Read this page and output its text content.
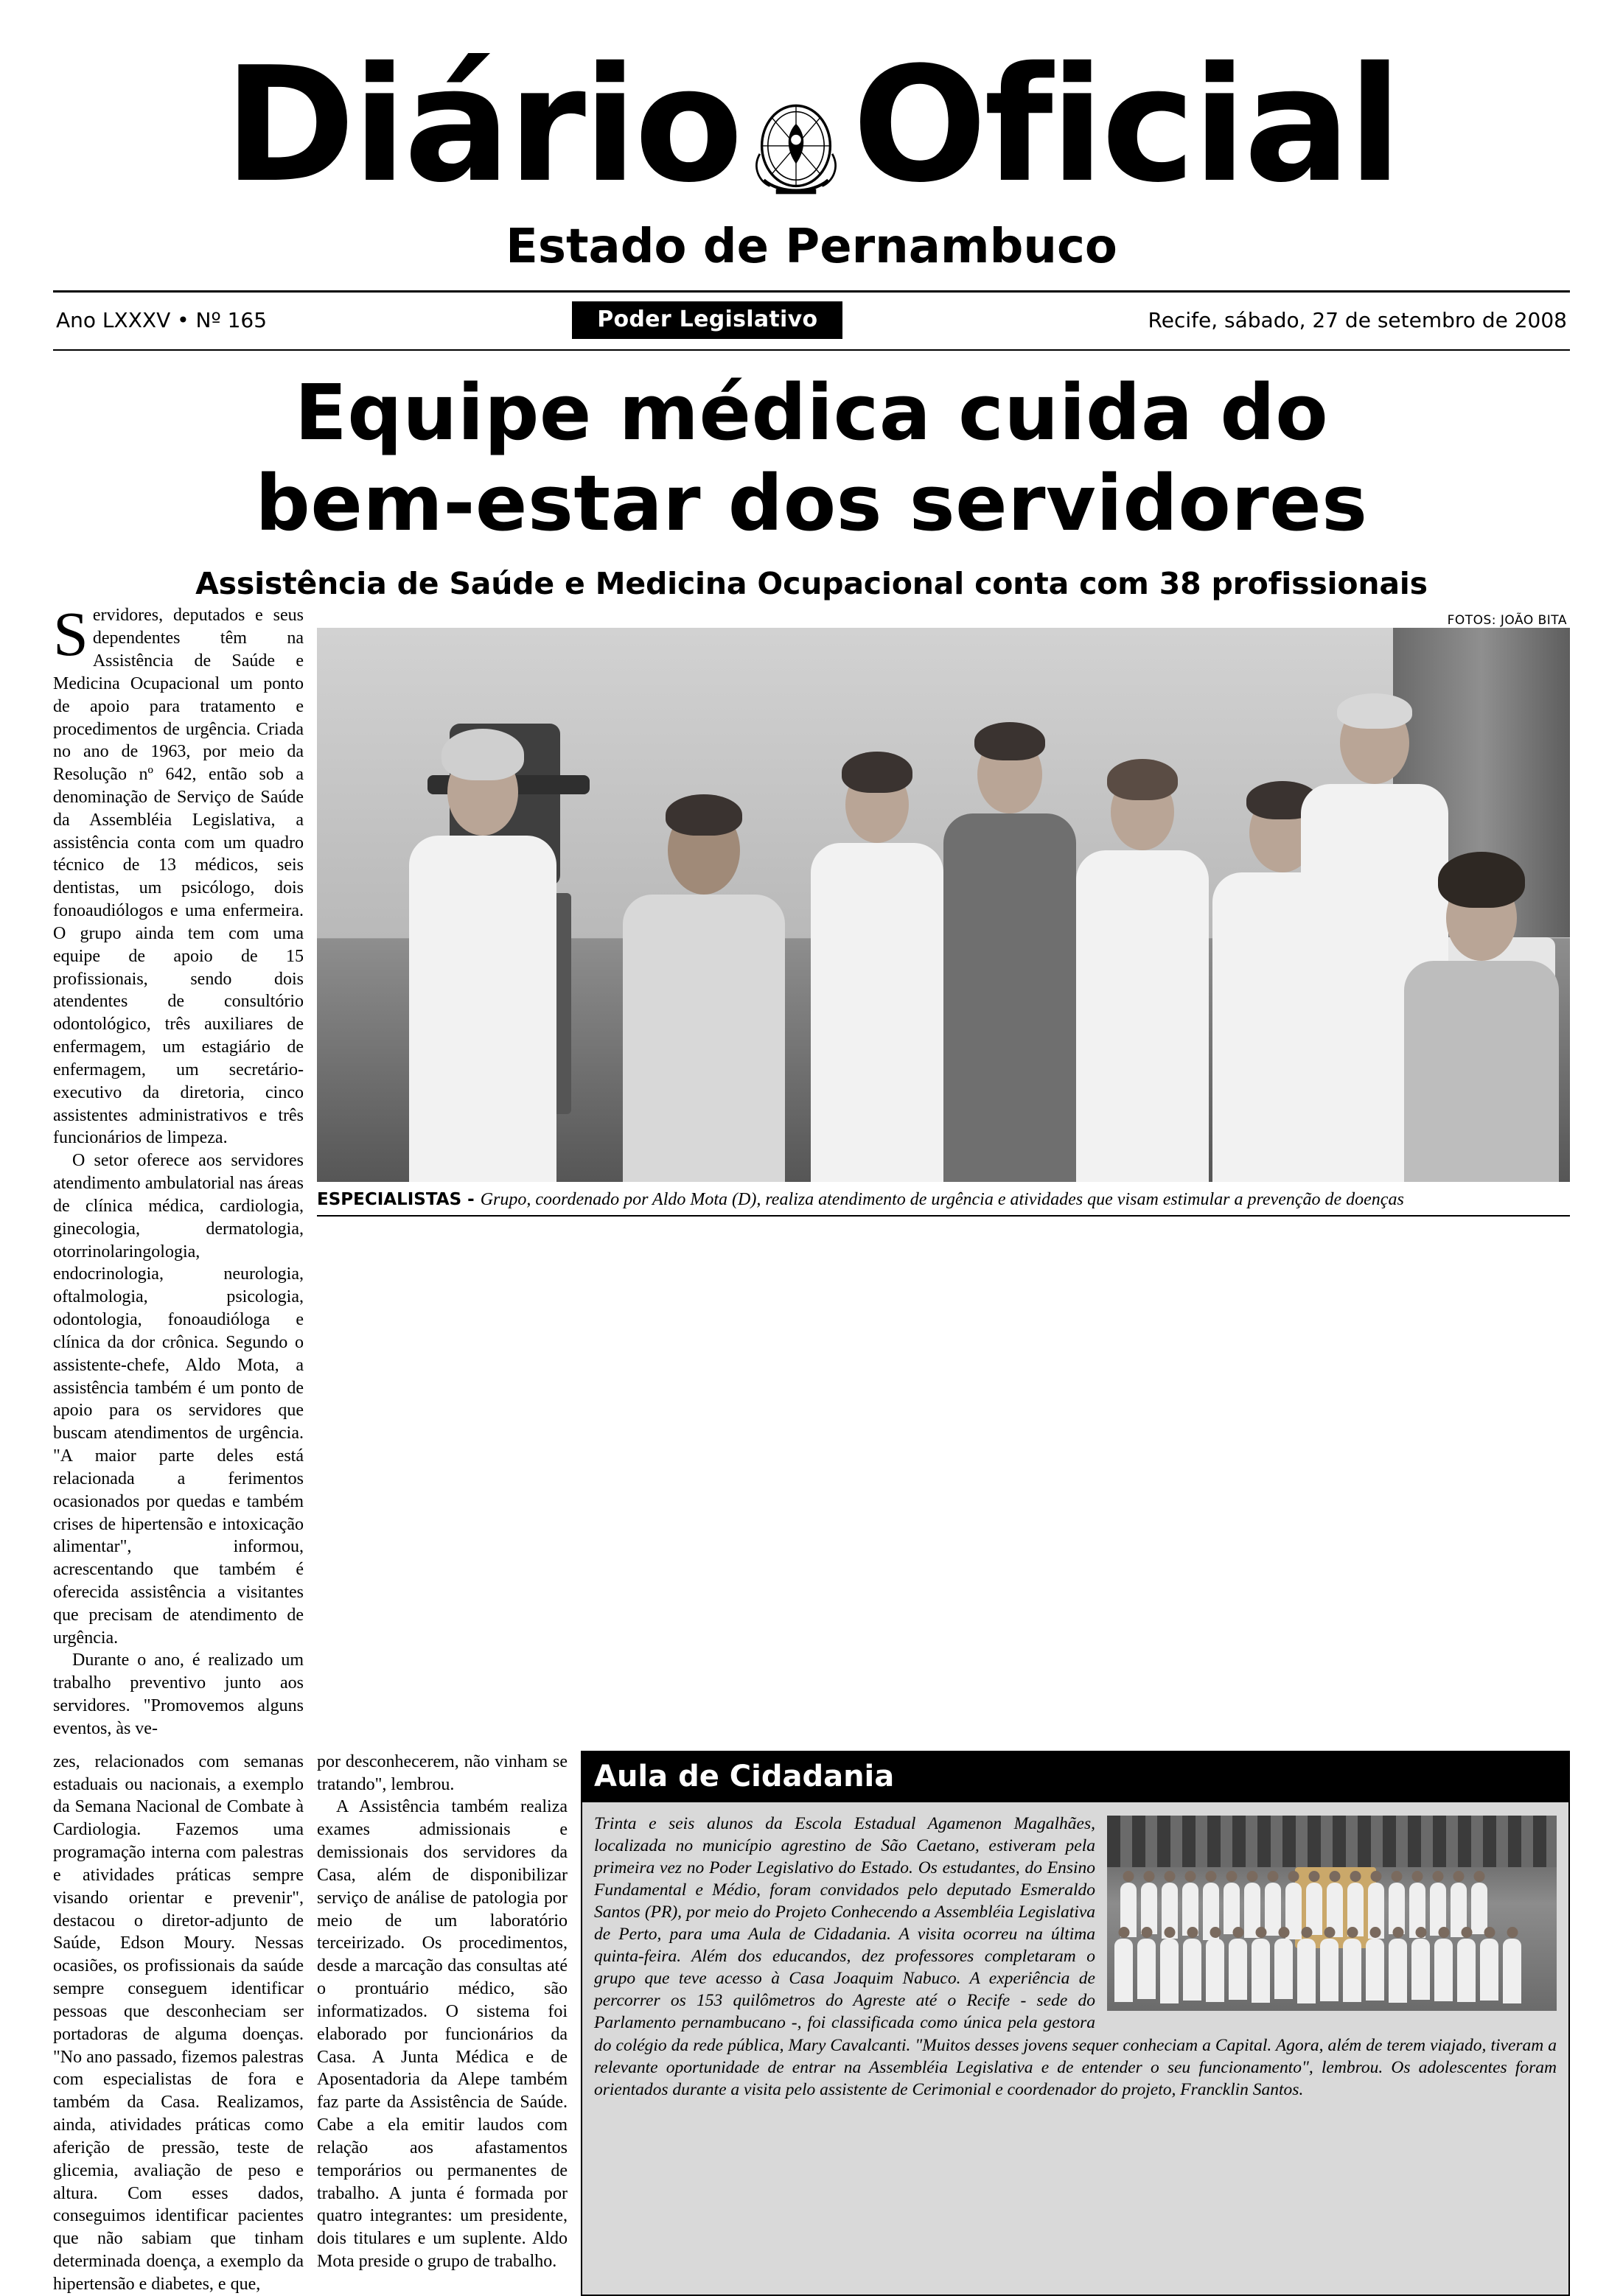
Diário Oficial
Estado de Pernambuco
Ano LXXXV • Nº 165	Poder Legislativo	Recife, sábado, 27 de setembro de 2008
Equipe médica cuida do
bem-estar dos servidores
Assistência de Saúde e Medicina Ocupacional conta com 38 profissionais

Servidores, deputados e seus dependentes têm na Assistência de Saúde e Medicina Ocupacional um ponto de apoio para tratamento e procedimentos de urgência. Criada no ano de 1963, por meio da Resolução nº 642, então sob a denominação de Serviço de Saúde da Assembléia Legislativa, a assistência conta com um quadro técnico de 13 médicos, seis dentistas, um psicólogo, dois fonoaudiólogos e uma enfermeira. O grupo ainda tem com uma equipe de apoio de 15 profissionais, sendo dois atendentes de consultório odontológico, três auxiliares de enfermagem, um estagiário de enfermagem, um secretário-executivo da diretoria, cinco assistentes administrativos e três funcionários de limpeza.

O setor oferece aos servidores atendimento ambulatorial nas áreas de clínica médica, cardiologia, ginecologia, dermatologia, otorrinolaringologia, endocrinologia, neurologia, oftalmologia, psicologia, odontologia, fonoaudióloga e clínica da dor crônica. Segundo o assistente-chefe, Aldo Mota, a assistência também é um ponto de apoio para os servidores que buscam atendimentos de urgência. "A maior parte deles está relacionada a ferimentos ocasionados por quedas e também crises de hipertensão e intoxicação alimentar", informou, acrescentando que também é oferecida assistência a visitantes que precisam de atendimento de urgência.

Durante o ano, é realizado um trabalho preventivo junto aos servidores. "Promovemos alguns eventos, às ve-

FOTOS: JOÃO BITA
ESPECIALISTAS - Grupo, coordenado por Aldo Mota (D), realiza atendimento de urgência e atividades que visam estimular a prevenção de doenças

zes, relacionados com semanas estaduais ou nacionais, a exemplo da Semana Nacional de Combate à Cardiologia. Fazemos uma programação interna com palestras e atividades práticas sempre visando orientar e prevenir", destacou o diretor-adjunto de Saúde, Edson Moury. Nessas ocasiões, os profissionais da saúde sempre conseguem identificar pessoas que desconheciam ser portadoras de alguma doenças. "No ano passado, fizemos palestras com especialistas de fora e também da Casa. Realizamos, ainda, atividades práticas como aferição de pressão, teste de glicemia, avaliação de peso e altura. Com esses dados, conseguimos identificar pacientes que não sabiam que tinham determinada doença, a exemplo da hipertensão e diabetes, e que,

por desconhecerem, não vinham se tratando", lembrou.

A Assistência também realiza exames admissionais e demissionais dos servidores da Casa, além de disponibilizar serviço de análise de patologia por meio de um laboratório terceirizado. Os procedimentos, desde a marcação das consultas até o prontuário médico, são informatizados. O sistema foi elaborado por funcionários da Casa. A Junta Médica e de Aposentadoria da Alepe também faz parte da Assistência de Saúde. Cabe a ela emitir laudos com relação aos afastamentos temporários ou permanentes de trabalho. A junta é formada por quatro integrantes: um presidente, dois titulares e um suplente. Aldo Mota preside o grupo de trabalho.

Aula de Cidadania
Trinta e seis alunos da Escola Estadual Agamenon Magalhães, localizada no município agrestino de São Caetano, estiveram pela primeira vez no Poder Legislativo do Estado. Os estudantes, do Ensino Fundamental e Médio, foram convidados pelo deputado Esmeraldo Santos (PR), por meio do Projeto Conhecendo a Assembléia Legislativa de Perto, para uma Aula de Cidadania. A visita ocorreu na última quinta-feira. Além dos educandos, dez professores completaram o grupo que teve acesso à Casa Joaquim Nabuco. A experiência de percorrer os 153 quilômetros do Agreste até o Recife - sede do Parlamento pernambucano -, foi classificada como única pela gestora do colégio da rede pública, Mary Cavalcanti. "Muitos desses jovens sequer conheciam a Capital. Agora, além de terem viajado, tiveram a relevante oportunidade de entrar na Assembléia Legislativa e de entender o seu funcionamento", lembrou. Os adolescentes foram orientados durante a visita pelo assistente de Cerimonial e coordenador do projeto, Francklin Santos.
